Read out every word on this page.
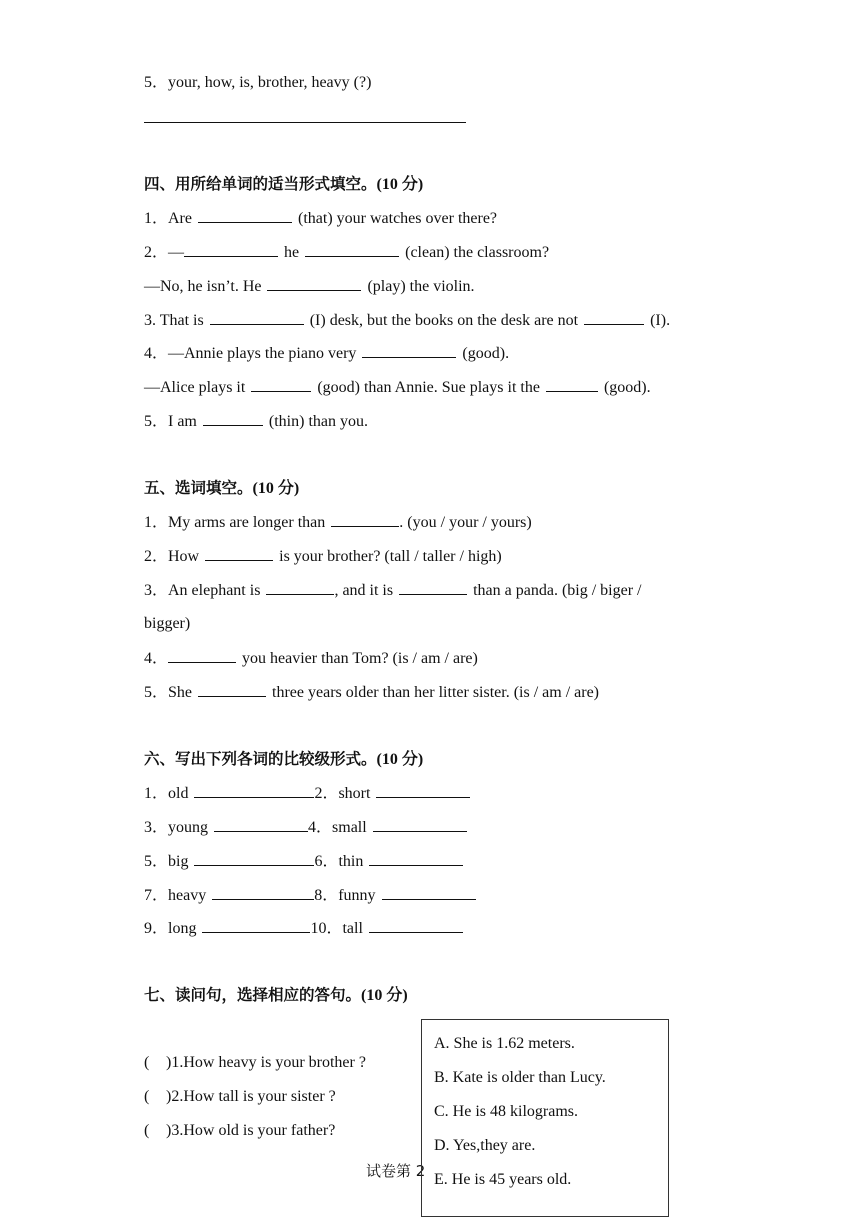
5．your, how, is, brother, heavy (?)
四、用所给单词的适当形式填空。(10 分)
1．Are	(that) your watches over there?
2．—	he	(clean) the classroom?
—No, he isn’t. He	(play) the violin.
3. That is	(I) desk, but the books on the desk are not	(I).
4．—Annie plays the piano very	(good).
—Alice plays it	(good) than Annie. Sue plays it the	(good).
5．I am	(thin) than you.
五、选词填空。(10 分)
1．My arms are longer than	. (you / your / yours)
2．How	is your brother? (tall / taller / high)
3．An elephant is	, and it is	than a panda. (big / biger /
bigger)
4．	you heavier than Tom? (is / am / are)
5．She	three years older than her litter sister. (is / am / are)
六、写出下列各词的比较级形式。(10 分)
1．old	2．short
3．young	4．small
5．big	6．thin
7．heavy	8．funny
9．long	10．tall
七、读问句，选择相应的答句。(10 分)
( )1.How heavy is your brother ?
( )2.How tall is your sister ?
( )3.How old is your father?
试卷第 2
A. She is 1.62 meters.
B. Kate is older than Lucy.
C. He is 48 kilograms.
D. Yes,they are.
E. He is 45 years old.
